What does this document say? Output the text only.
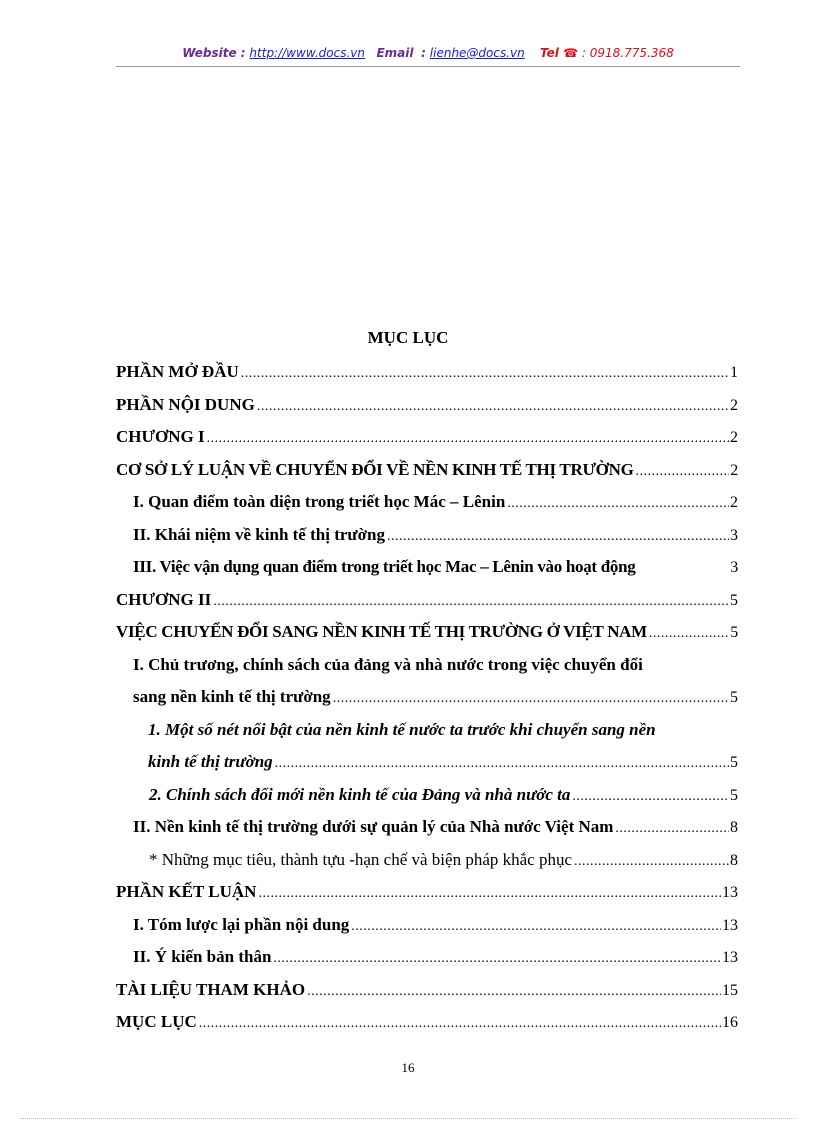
Website : http://www.docs.vn Email : lienhe@docs.vn Tel ☎ : 0918.775.368
MỤC LỤC
PHẦN MỞ ĐẦU .....	1
PHẦN NỘI DUNG .....	2
CHƯƠNG I .....	2
CƠ SỞ LÝ LUẬN VỀ CHUYỂN ĐỔI VỀ NỀN KINH TẾ THỊ TRƯỜNG .....	2
I. Quan điểm toàn diện trong triết học Mác – Lênin .....	2
II. Khái niệm về kinh tế thị trường .....	3
III. Việc vận dụng quan điểm trong triết học Mac – Lênin vào hoạt động	3
CHƯƠNG II .....	5
VIỆC CHUYỂN ĐỔI SANG NỀN KINH TẾ THỊ TRƯỜNG Ở VIỆT NAM .....	5
I. Chủ trương, chính sách của đảng và nhà nước trong việc chuyển đổi
sang nền kinh tế thị trường .....	5
1. Một số nét nổi bật của nền kinh tế nước ta trước khi chuyển sang nền
kinh tế thị trường .....	5
2. Chính sách đổi mới nền kinh tế của Đảng và nhà nước ta .....	5
II. Nền kinh tế thị trường dưới sự quản lý của Nhà nước Việt Nam .....	8
* Những mục tiêu, thành tựu -hạn chế và biện pháp khắc phục .....	8
PHẦN KẾT LUẬN .....	13
I. Tóm lược lại phần nội dung .....	13
II. Ý kiến bản thân .....	13
TÀI LIỆU THAM KHẢO .....	15
MỤC LỤC .....	16
16
